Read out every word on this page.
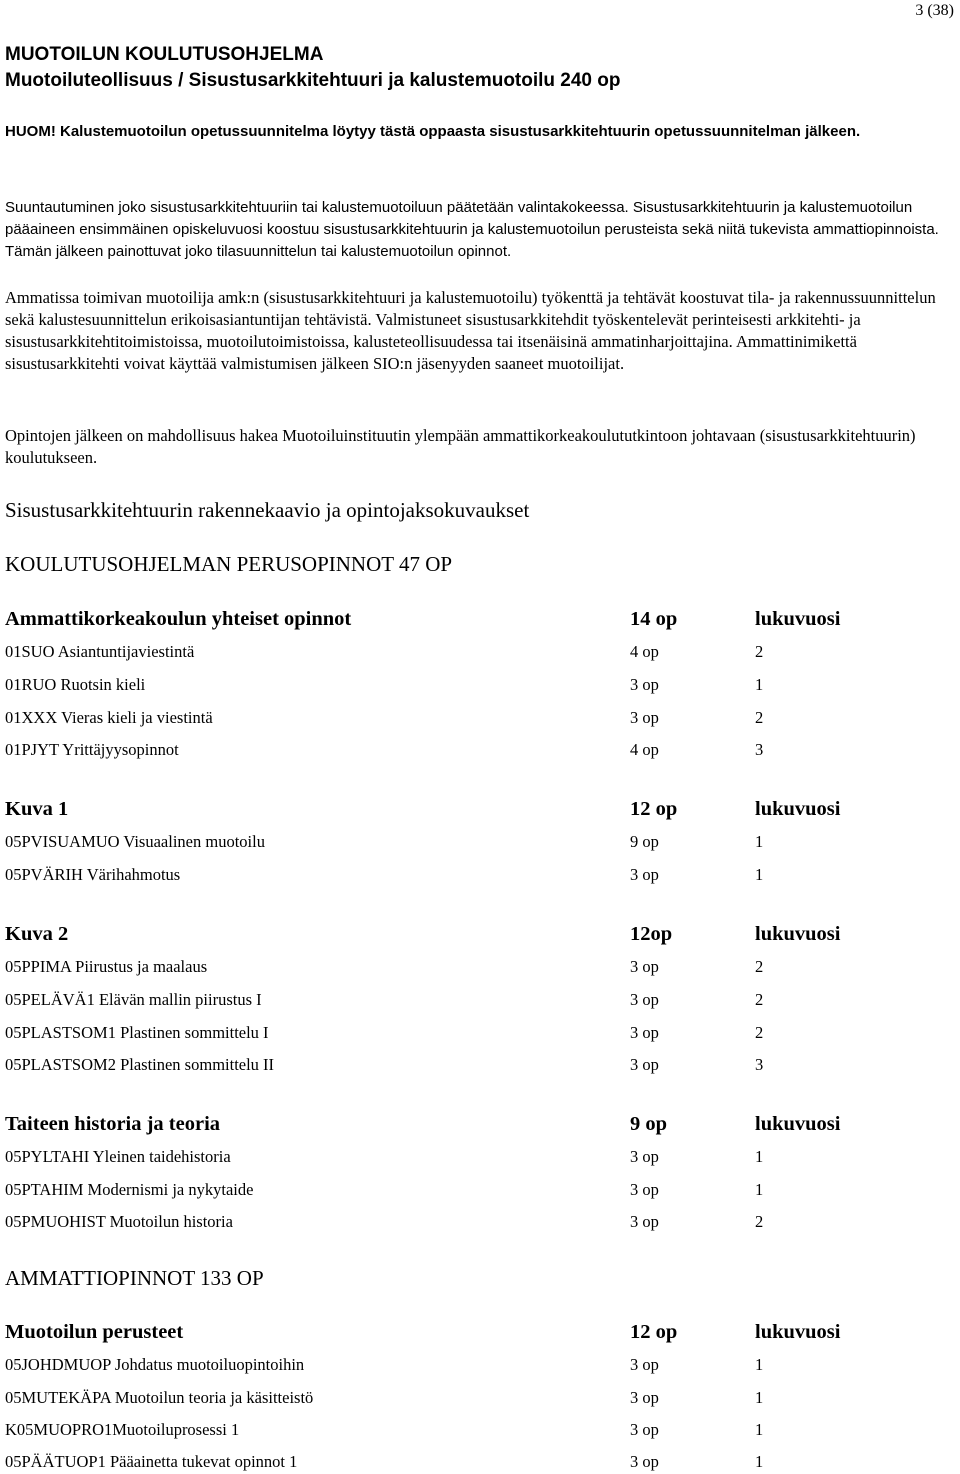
3 (38)
MUOTOILUN KOULUTUSOHJELMA
Muotoiluteollisuus / Sisustusarkkitehtuuri ja kalustemuotoilu 240 op
HUOM! Kalustemuotoilun opetussuunnitelma löytyy tästä oppaasta sisustusarkkitehtuurin opetussuunnitelman jälkeen.
Suuntautuminen joko sisustusarkkitehtuuriin tai kalustemuotoiluun päätetään valintakokeessa. Sisustusarkkitehtuurin ja kalustemuotoilun pääaineen ensimmäinen opiskeluvuosi koostuu sisustusarkkitehtuurin ja kalustemuotoilun perusteista sekä niitä tukevista ammattiopinnoista. Tämän jälkeen painottuvat joko tilasuunnittelun tai kalustemuotoilun opinnot.
Ammatissa toimivan muotoilija amk:n (sisustusarkkitehtuuri ja kalustemuotoilu) työkenttä ja tehtävät koostuvat tila- ja rakennussuunnittelun sekä kalustesuunnittelun erikoisasiantuntijan tehtävistä. Valmistuneet sisustusarkkitehdit työskentelevät perinteisesti arkkitehti- ja sisustusarkkitehtitoimistoissa, muotoilutoimistoissa, kalusteteollisuudessa tai itsenäisinä ammatinharjoittajina. Ammattinimikettä sisustusarkkitehti voivat käyttää valmistumisen jälkeen SIO:n jäsenyyden saaneet muotoilijat.
Opintojen jälkeen on mahdollisuus hakea Muotoiluinstituutin ylempään ammattikorkeakoulututkintoon johtavaan (sisustusarkkitehtuurin) koulutukseen.
Sisustusarkkitehtuurin rakennekaavio ja opintojaksokuvaukset
KOULUTUSOHJELMAN PERUSOPINNOT 47 OP
Ammattikorkeakoulun yhteiset opinnot	14 op	lukuvuosi
01SUO Asiantuntijaviestintä	4 op	2
01RUO Ruotsin kieli	3 op	1
01XXX Vieras kieli ja viestintä	3 op	2
01PJYT Yrittäjyysopinnot	4 op	3
Kuva 1	12 op	lukuvuosi
05PVISUAMUO Visuaalinen muotoilu	9 op	1
05PVÄRIH Värihahmotus	3 op	1
Kuva 2	12op	lukuvuosi
05PPIMA Piirustus ja maalaus	3 op	2
05PELÄVÄ1 Elävän mallin piirustus I	3 op	2
05PLASTSOM1 Plastinen sommittelu I	3 op	2
05PLASTSOM2 Plastinen sommittelu II	3 op	3
Taiteen historia ja teoria	9 op	lukuvuosi
05PYLTAHI Yleinen taidehistoria	3 op	1
05PTAHIM Modernismi ja nykytaide	3 op	1
05PMUOHIST Muotoilun historia	3 op	2
AMMATTIOPINNOT 133 OP
Muotoilun perusteet	12 op	lukuvuosi
05JOHDMUOP Johdatus muotoiluopintoihin	3 op	1
05MUTEKÄPA Muotoilun teoria ja käsitteistö	3 op	1
K05MUOPRO1Muotoiluprosessi 1	3 op	1
05PÄÄTUOP1 Pääainetta tukevat opinnot 1	3 op	1
